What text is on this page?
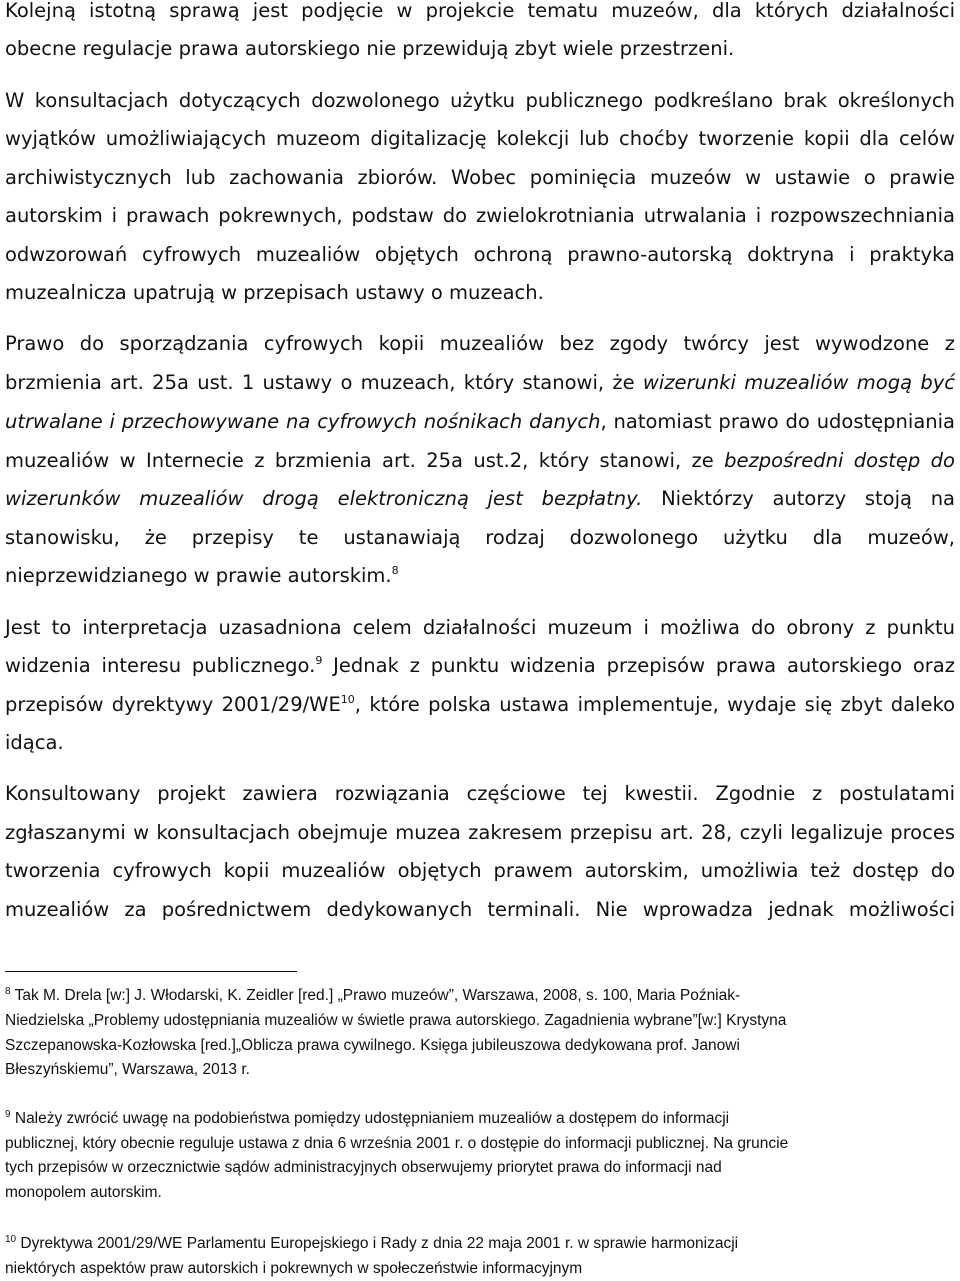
Kolejną istotną sprawą jest podjęcie w projekcie tematu muzeów, dla których działalności
obecne regulacje prawa autorskiego nie przewidują zbyt wiele przestrzeni.
W konsultacjach dotyczących dozwolonego użytku publicznego podkreślano brak określonych
wyjątków umożliwiających muzeom digitalizację kolekcji lub choćby tworzenie kopii dla celów
archiwistycznych lub zachowania zbiorów. Wobec pominięcia muzeów w ustawie o prawie
autorskim i prawach pokrewnych, podstaw do zwielokrotniania utrwalania i rozpowszechniania
odwzorowań cyfrowych muzealiów objętych ochroną prawno-autorską doktryna i praktyka
muzealnicza upatrują w przepisach ustawy o muzeach.
Prawo do sporządzania cyfrowych kopii muzealiów bez zgody twórcy jest wywodzone z
brzmienia art. 25a ust. 1 ustawy o muzeach, który stanowi, że wizerunki muzealiów mogą być
utrwalane i przechowywane na cyfrowych nośnikach danych, natomiast prawo do udostępniania
muzealiów w Internecie z brzmienia art. 25a ust.2, który stanowi, ze bezpośredni dostęp do
wizerunków muzealiów drogą elektroniczną jest bezpłatny. Niektórzy autorzy stoją na
stanowisku, że przepisy te ustanawiają rodzaj dozwolonego użytku dla muzeów,
nieprzewidzianego w prawie autorskim.$^8$
Jest to interpretacja uzasadniona celem działalności muzeum i możliwa do obrony z punktu
widzenia interesu publicznego.$^9$ Jednak z punktu widzenia przepisów prawa autorskiego oraz
przepisów dyrektywy 2001/29/WE$^{10}$, które polska ustawa implementuje, wydaje się zbyt daleko
idąca.
Konsultowany projekt zawiera rozwiązania częściowe tej kwestii. Zgodnie z postulatami
zgłaszanymi w konsultacjach obejmuje muzea zakresem przepisu art. 28, czyli legalizuje proces
tworzenia cyfrowych kopii muzealiów objętych prawem autorskim, umożliwia też dostęp do
muzealiów za pośrednictwem dedykowanych terminali. Nie wprowadza jednak możliwości
$^8$ Tak M. Drela [w:] J. Włodarski, K. Zeidler [red.] „Prawo muzeów”, Warszawa, 2008, s. 100, Maria Poźniak-
Niedzielska „Problemy udostępniania muzealiów w świetle prawa autorskiego. Zagadnienia wybrane”[w:] Krystyna
Szczepanowska-Kozłowska [red.]„Oblicza prawa cywilnego. Księga jubileuszowa dedykowana prof. Janowi
Błeszyńskiemu”, Warszawa, 2013 r.
$^9$ Należy zwrócić uwagę na podobieństwa pomiędzy udostępnianiem muzealiów a dostępem do informacji
publicznej, który obecnie reguluje ustawa z dnia 6 września 2001 r. o dostępie do informacji publicznej. Na gruncie
tych przepisów w orzecznictwie sądów administracyjnych obserwujemy priorytet prawa do informacji nad
monopolem autorskim.
$^{10}$ Dyrektywa 2001/29/WE Parlamentu Europejskiego i Rady z dnia 22 maja 2001 r. w sprawie harmonizacji
niektórych aspektów praw autorskich i pokrewnych w społeczeństwie informacyjnym
